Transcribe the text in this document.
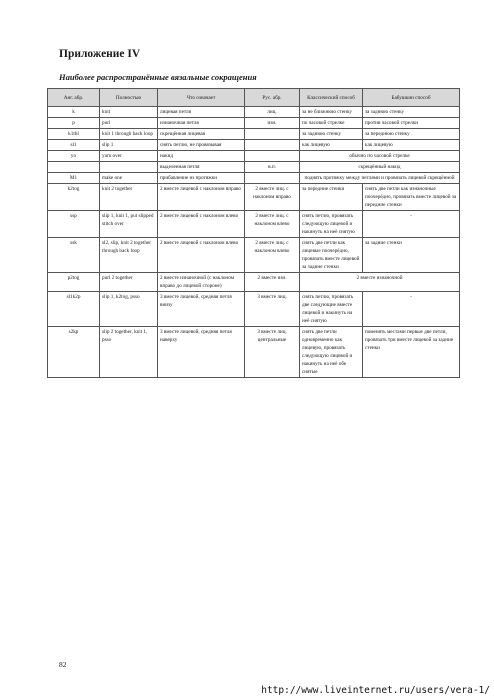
Приложение IV
Наиболее распространённые вязальные сокращения
Анг. абр.	Полностью	Что означает	Рус. абр.	Классический способ	Бабушкин способ
k	knit	лицевая петля	лиц.	за не ближнюю стенку	за заднюю стенку
p	purl	изнаночная петля	изн.	по часовой стрелке	против часовой стрелки
k1tbl	knit 1 through back loop	скрещённая лицевая		за заднюю стенку	за переднюю стенку
sl1	slip 1	снять петлю, не провязывая		как лицевую	как лицевую
yo	yarn over	накид		обычно по часовой стрелке	
		выделенная петля	в.п.	скрещённый накид	
M1	make one	прибавление из протяжки		поднять протяжку между петлями и провязать лицевой скрещённой	
k2tog	knit 2 together	2 вместе лицевой с наклоном вправо	2 вместе лиц. с наклоном вправо	за передние стенки	снять две петли как изнаночные поочерёдно, провязать вместе лицевой за передние стенки
ssp	slip 1, knit 1, put slipped stitch over	2 вместе лицевой с наклоном влево	2 вместе лиц. с наклоном влево	снять петлю, провязать следующую лицевой и накинуть на неё снятую	-
ssk	sl2, slip, knit 2 together through back loop	2 вместе лицевой с наклоном влево	2 вместе лиц. с наклоном влево	снять две петли как лицевые поочерёдно, провязать вместе лицевой за задние стенки	за задние стенки
p2tog	purl 2 together	2 вместе изнаночной (с наклоном вправо до лицевой стороне)	2 вместе изн.	2 вместе изнаночной	
sl1k2p	slip 1, k2tog, psso	3 вместе лицевой, средняя петля внизу	3 вместе лиц.	снять петлю, провязать две следующие вместе лицевой и накинуть на неё снятую	-
s2kp	slip 2 together, knit 1, psso	3 вместе лицевой, средняя петля наверху	3 вместе лиц. центральные	снять две петли одновременно как лицевую, провязать следующую лицевой и накинуть на неё обе снятые	поменять местами первые две петли, провязать три вместе лицевой за задние стенки
82
http://www.liveinternet.ru/users/vera-1/
